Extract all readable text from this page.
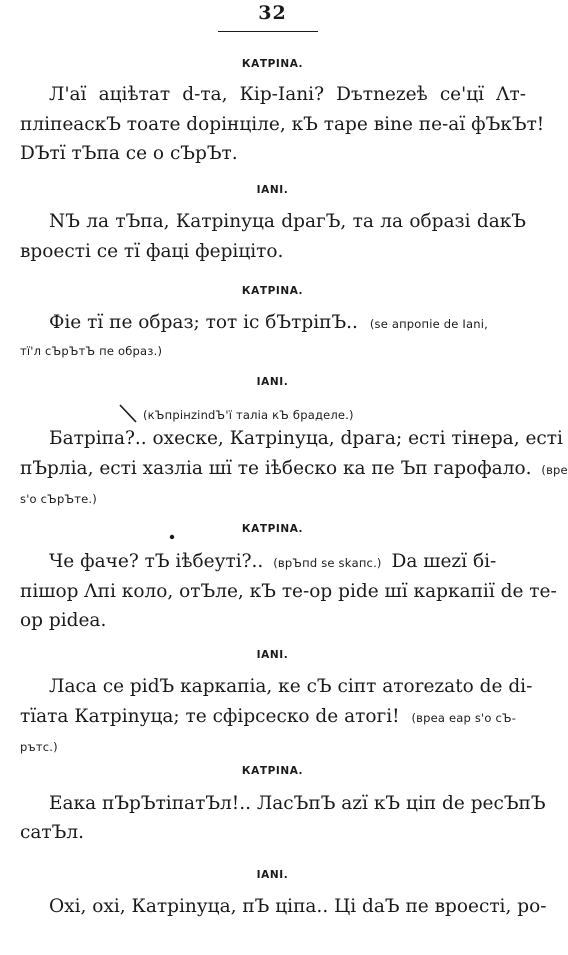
32
КАТРІNА.
Л'аї аціѣтат d-та, Кір-Іаnі? Dътnezeѣ се'цї Ʌт-
пліпеаскЪ тоате dорінціле, кЪ таре віnе пе-аї фЪкЪт!
DЪтї тЪпа се о сЪрЪт.
ІАNІ.
NЪ ла тЪпа, Катріnуца dрагЪ, та ла образі dакЪ
вроесті се тї фаці феріціто.
КАТРІNА.
Фіе тї пе образ; тот іс бЪтріпЪ.. (se апропіе de Іаnі,
тї'л сЪрЪтЪ пе образ.)
ІАNІ.
(кЪпрінzіndЪ'ї таліа кЪ браделе.)
Батріпа?.. охеске, Катріnуца, dрага; есті тінера, есті
пЪрліа, есті хазліа шї те іѣбеско ка пе Ъп гарофало. (вре
s'о сЪрЪте.)
КАТРІNА.
Че фаче? тЪ іѣбеуті?.. (врЪпd se skапс.) Da шеzї бі-
пішор Ʌпі коло, отЪле, кЪ те-ор ріdе шї каркапії de те-
ор ріdеа.
ІАNІ.
Ласа се ріdЪ каркапіа, ке сЪ сіпт атоrezato de di-
тїата Катріnуца; те сфірсеско de атогі! (вреа еар s'о сЪ-
рътс.)
КАТРІNА.
Еака пЪрЪтіпатЪл!.. ЛасЪпЪ аzї кЪ ціп de ресЪпЪ
сатЪл.
ІАNІ.
Охі, охі, Катріnуца, пЪ ціпа.. Ці dаЪ пе вроесті, ро-
